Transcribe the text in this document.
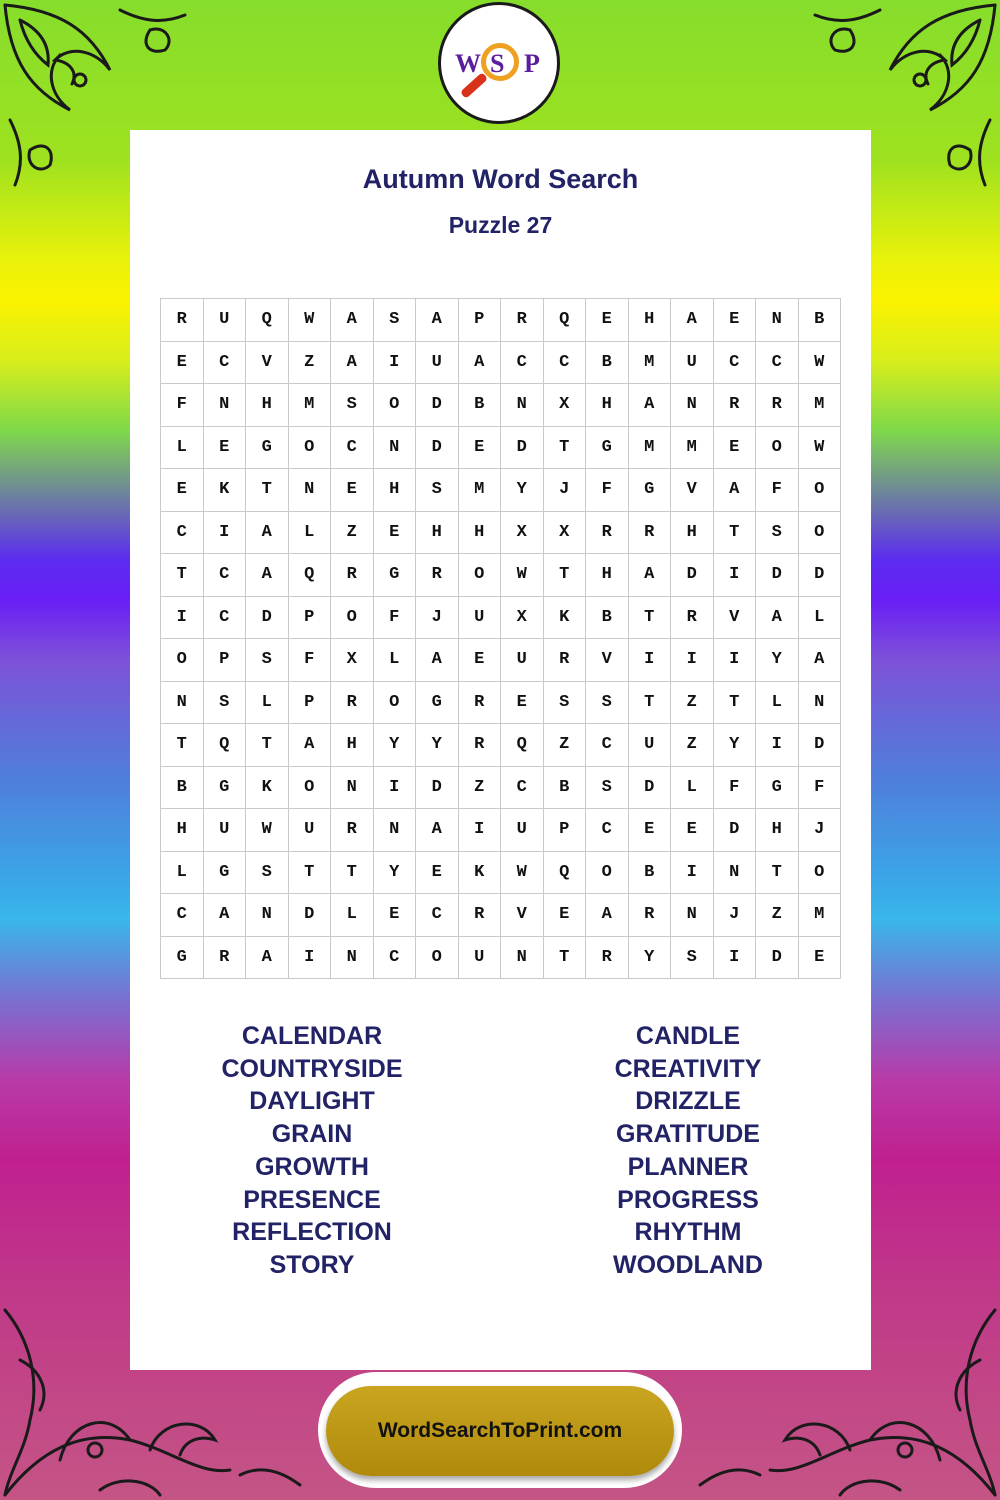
W S P
Autumn Word Search
Puzzle 27
R	U	Q	W	A	S	A	P	R	Q	E	H	A	E	N	B
E	C	V	Z	A	I	U	A	C	C	B	M	U	C	C	W
F	N	H	M	S	O	D	B	N	X	H	A	N	R	R	M
L	E	G	O	C	N	D	E	D	T	G	M	M	E	O	W
E	K	T	N	E	H	S	M	Y	J	F	G	V	A	F	O
C	I	A	L	Z	E	H	H	X	X	R	R	H	T	S	O
T	C	A	Q	R	G	R	O	W	T	H	A	D	I	D	D
I	C	D	P	O	F	J	U	X	K	B	T	R	V	A	L
O	P	S	F	X	L	A	E	U	R	V	I	I	I	Y	A
N	S	L	P	R	O	G	R	E	S	S	T	Z	T	L	N
T	Q	T	A	H	Y	Y	R	Q	Z	C	U	Z	Y	I	D
B	G	K	O	N	I	D	Z	C	B	S	D	L	F	G	F
H	U	W	U	R	N	A	I	U	P	C	E	E	D	H	J
L	G	S	T	T	Y	E	K	W	Q	O	B	I	N	T	O
C	A	N	D	L	E	C	R	V	E	A	R	N	J	Z	M
G	R	A	I	N	C	O	U	N	T	R	Y	S	I	D	E
CALENDAR
COUNTRYSIDE
DAYLIGHT
GRAIN
GROWTH
PRESENCE
REFLECTION
STORY
CANDLE
CREATIVITY
DRIZZLE
GRATITUDE
PLANNER
PROGRESS
RHYTHM
WOODLAND
WordSearchToPrint.com
